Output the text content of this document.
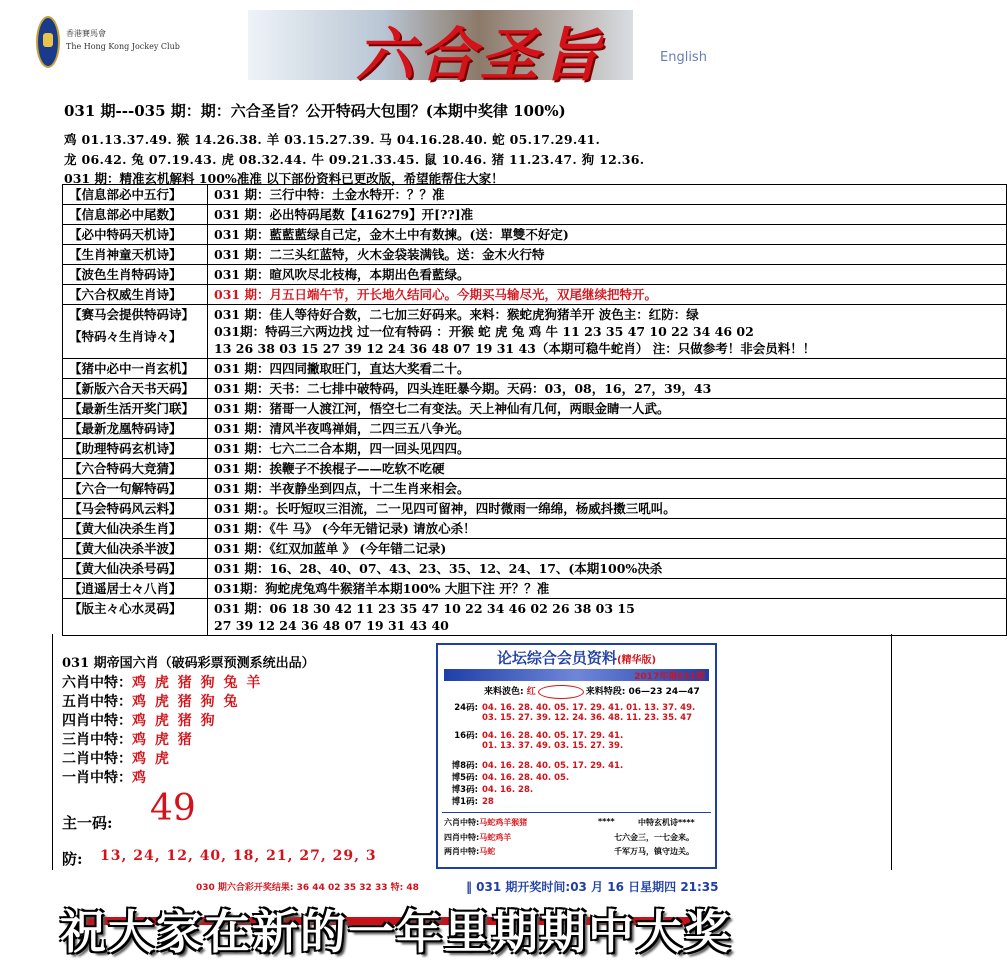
香港賽馬會
The Hong Kong Jockey Club	六合圣旨	English
031 期---035 期：期：六合圣旨？公开特码大包围？(本期中奖律 100%)
鸡 01.13.37.49. 猴 14.26.38. 羊 03.15.27.39. 马 04.16.28.40. 蛇 05.17.29.41.
龙 06.42. 兔 07.19.43. 虎 08.32.44. 牛 09.21.33.45. 鼠 10.46. 猪 11.23.47. 狗 12.36.
031 期：精准玄机解料 100%准准 以下部份资料已更改版，希望能帮住大家！
【信息部必中五行】	031 期：三行中特：土金水特开：？？准

【信息部必中尾数】	031 期：必出特码尾数【416279】开[??]准

【必中特码天机诗】	031 期：藍藍藍绿自己定，金木土中有数揀。(送：單雙不好定)

【生肖神童天机诗】	031 期：二三头红蓝特，火木金袋装满钱。送：金木火行特

【波色生肖特码诗】	031 期：暄风吹尽北枝梅，本期出色看藍绿。

【六合权威生肖诗】	031 期：月五日端午节，开长地久结同心。今期买马输尽光，双尾继续把特开。

【赛马会提供特码诗】
【特码々生肖诗々】	031 期：佳人等待好合数，二七加三好码来。来料：猴蛇虎狗猪羊开 波色主：红防：绿
031期：特码三六两边找 过一位有特码 ：开猴 蛇 虎 兔 鸡 牛 11 23 35 47 10 22 34 46 02
13 26 38 03 15 27 39 12 24 36 48 07 19 31 43（本期可稳牛蛇肖） 注：只做参考！非会员料！！

【猪中必中一肖玄机】	031 期：四四同撇取旺门，直达大奖看二十。

【新版六合天书天码】	031 期：天书：二七排中破特码，四头连旺暴今期。天码：03，08，16，27，39，43

【最新生活开奖门联】	031 期：猪哥一人渡江河，悟空七二有变法。天上神仙有几何，两眼金睛一人武。

【最新龙凰特码诗】	031 期：清风半夜鸣禅娟，二四三五八争光。

【助理特码玄机诗】	031 期：七六二二合本期，四一回头见四四。

【六合特码大竞猜】	031 期：挨鞭子不挨棍子——吃软不吃硬

【六合一句解特码】	031 期：半夜静坐到四点，十二生肖来相会。

【马会特码风云料】	031 期：。长吁短叹三泪流，二一见四可留神，四时微雨一绵绵，杨威抖擞三吼叫。

【黄大仙决杀生肖】	031 期：《牛 马》 (今年无错记录) 请放心杀！

【黄大仙决杀半波】	031 期：《红双加蓝单 》 (今年错二记录)

【黄大仙决杀号码】	031 期：16、28、40、07、43、23、35、12、24、17、(本期100%决杀

【逍遥居士々八肖】	031期：狗蛇虎兔鸡牛猴猪羊本期100% 大胆下注 开？？准

【版主々心水灵码】	031 期：06 18 30 42 11 23 35 47 10 22 34 46 02 26 38 03 15
27 39 12 24 36 48 07 19 31 43 40
031 期帝国六肖（破码彩票预测系统出品）
六肖中特：鸡 虎 猪 狗 兔 羊
五肖中特：鸡 虎 猪 狗 兔
四肖中特：鸡 虎 猪 狗
三肖中特：鸡 虎 猪
二肖中特：鸡 虎
一肖中特：鸡
主一码: 49
防: 13, 24, 12, 40, 18, 21, 27, 29, 3
论坛综合会员资料(精华版)
2017年第031期
来料波色: 红	来料特段: 06—23 24—47
24码: 04. 16. 28. 40. 05. 17. 29. 41. 01. 13. 37. 49.
03. 15. 27. 39. 12. 24. 36. 48. 11. 23. 35. 47
16码: 04. 16. 28. 40. 05. 17. 29. 41.
01. 13. 37. 49. 03. 15. 27. 39.
博8码: 04. 16. 28. 40. 05. 17. 29. 41.
博5码: 04. 16. 28. 40. 05.
博3码: 04. 16. 28.
博1码: 28
六肖中特:马蛇鸡羊猴猪	****	中特玄机诗****
四肖中特:马蛇鸡羊	七六金三，一七金来。
两肖中特:马蛇	千军万马，镇守边关。
030 期六合彩开奖结果: 36 44 02 35 32 33 特: 48	‖ 031 期开奖时间:03 月 16 日星期四 21:35
祝大家在新的一年里期期中大奖
